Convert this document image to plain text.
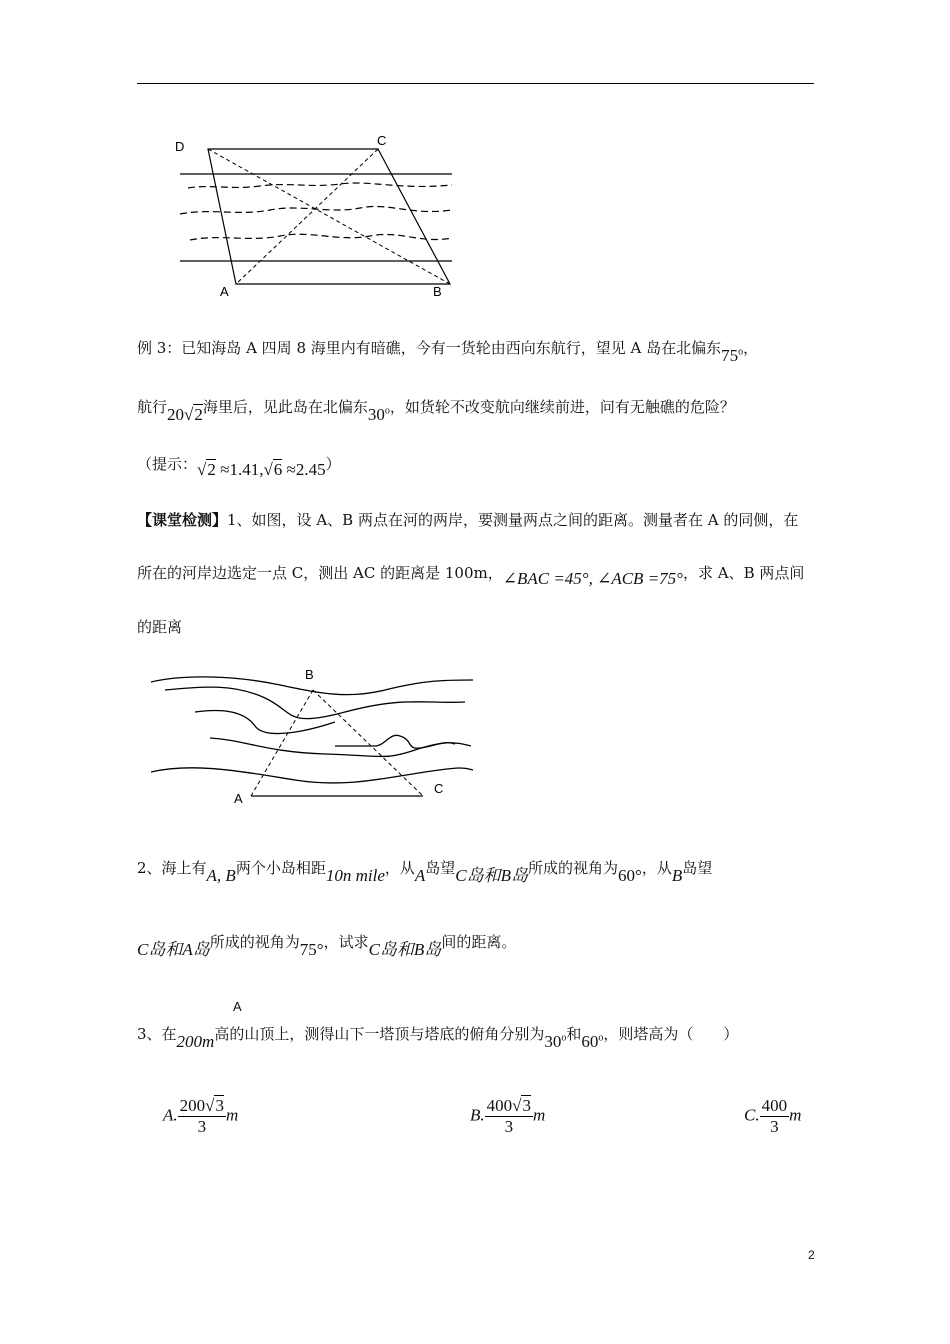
D	C
A	B
例 3：已知海岛 A 四周 8 海里内有暗礁，今有一货轮由西向东航行，望见 A 岛在北偏东75$^o$，
航行20√2海里后，见此岛在北偏东30$^o$，如货轮不改变航向继续前进，问有无触礁的危险？
（提示：√2 ≈1.41,√6 ≈2.45）
【课堂检测】1、如图，设 A、B 两点在河的两岸，要测量两点之间的距离。测量者在 A 的同侧，在
所在的河岸边选定一点 C，测出 AC 的距离是 100m，∠BAC =45°, ∠ACB =75°，求 A、B 两点间
的距离
B
A
C
2、海上有A, B两个小岛相距10n mile，从A岛望C岛和B岛所成的视角为60°，从B岛望
C岛和A岛所成的视角为75°，试求C岛和B岛间的距离。
A
3、在200m高的山顶上，测得山下一塔顶与塔底的俯角分别为30$^o$和60$^o$，则塔高为（　　）
A. $\frac{200√3}{3}$ m	B. $\frac{400√3}{3}$ m	C. $\frac{400}{3}$ m
2
